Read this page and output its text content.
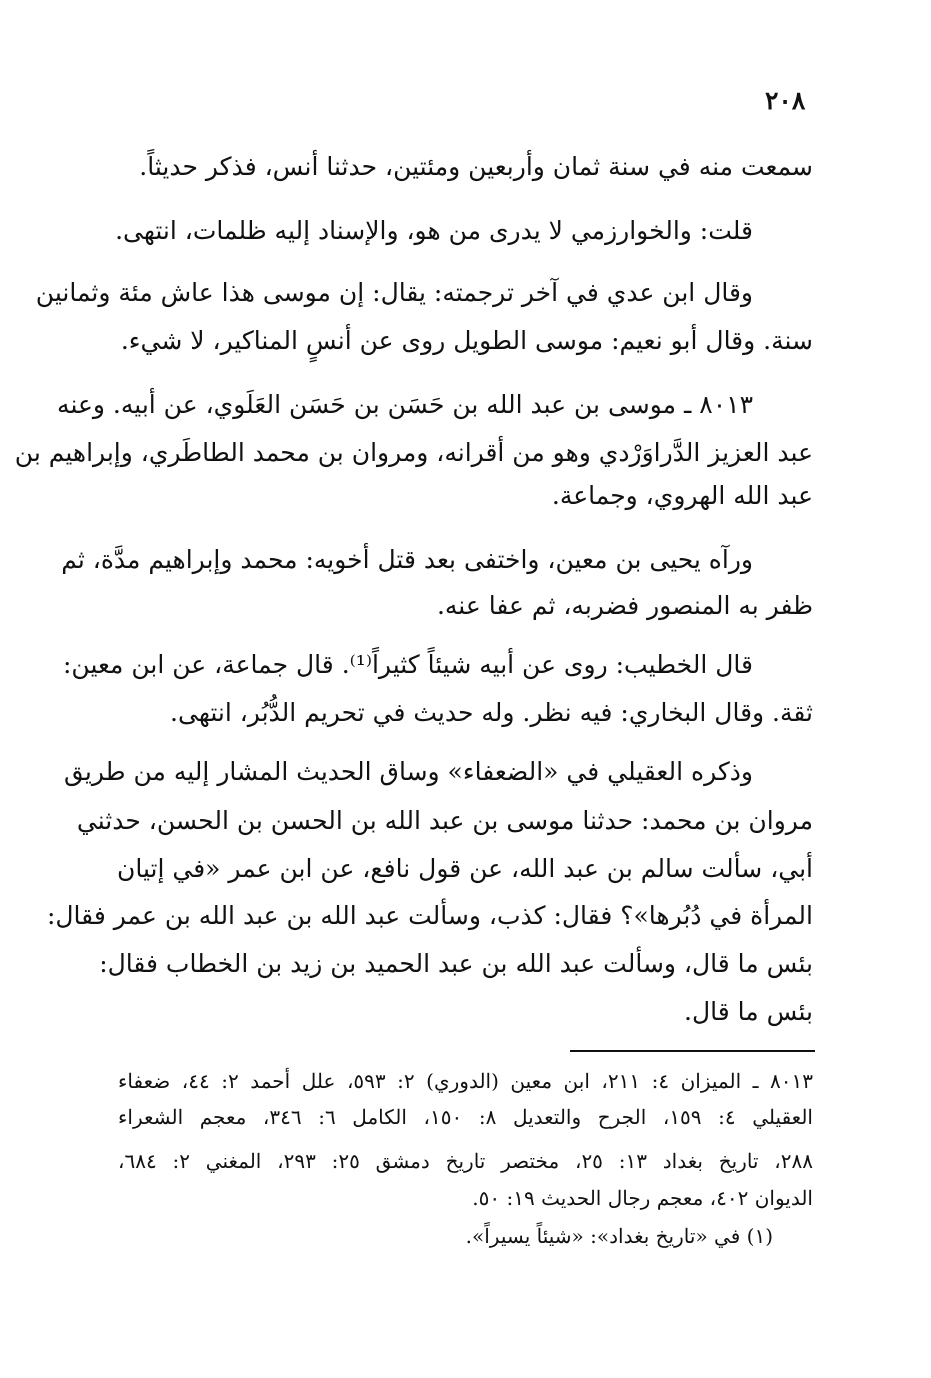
٢٠٨

سمعت منه في سنة ثمان وأربعين ومئتين، حدثنا أنس، فذكر حديثاً.

قلت: والخوارزمي لا يدرى من هو، والإسناد إليه ظلمات، انتهى.

وقال ابن عدي في آخر ترجمته: يقال: إن موسى هذا عاش مئة وثمانين

سنة. وقال أبو نعيم: موسى الطويل روى عن أنسٍ المناكير، لا شيء.

٨٠١٣ ـ موسى بن عبد الله بن حَسَن بن حَسَن العَلَوي، عن أبيه. وعنه

عبد العزيز الدَّراوَرْدي وهو من أقرانه، ومروان بن محمد الطاطَري، وإبراهيم بن

عبد الله الهروي، وجماعة.

ورآه يحيى بن معين، واختفى بعد قتل أخويه: محمد وإبراهيم مدَّة، ثم

ظفر به المنصور فضربه، ثم عفا عنه.

قال الخطيب: روى عن أبيه شيئاً كثيراً⁽¹⁾. قال جماعة، عن ابن معين:

ثقة. وقال البخاري: فيه نظر. وله حديث في تحريم الدُّبُر، انتهى.

وذكره العقيلي في «الضعفاء» وساق الحديث المشار إليه من طريق

مروان بن محمد: حدثنا موسى بن عبد الله بن الحسن بن الحسن، حدثني

أبي، سألت سالم بن عبد الله، عن قول نافع، عن ابن عمر «في إتيان

المرأة في دُبُرها»؟ فقال: كذب، وسألت عبد الله بن عبد الله بن عمر فقال:

بئس ما قال، وسألت عبد الله بن عبد الحميد بن زيد بن الخطاب فقال:

بئس ما قال.

٨٠١٣ ـ الميزان ٤: ٢١١، ابن معين (الدوري) ٢: ٥٩٣، علل أحمد ٢: ٤٤، ضعفاء

العقيلي ٤: ١٥٩، الجرح والتعديل ٨: ١٥٠، الكامل ٦: ٣٤٦، معجم الشعراء

٢٨٨، تاريخ بغداد ١٣: ٢٥، مختصر تاريخ دمشق ٢٥: ٢٩٣، المغني ٢: ٦٨٤،

الديوان ٤٠٢، معجم رجال الحديث ١٩: ٥٠.

(١) في «تاريخ بغداد»: «شيئاً يسيراً».
